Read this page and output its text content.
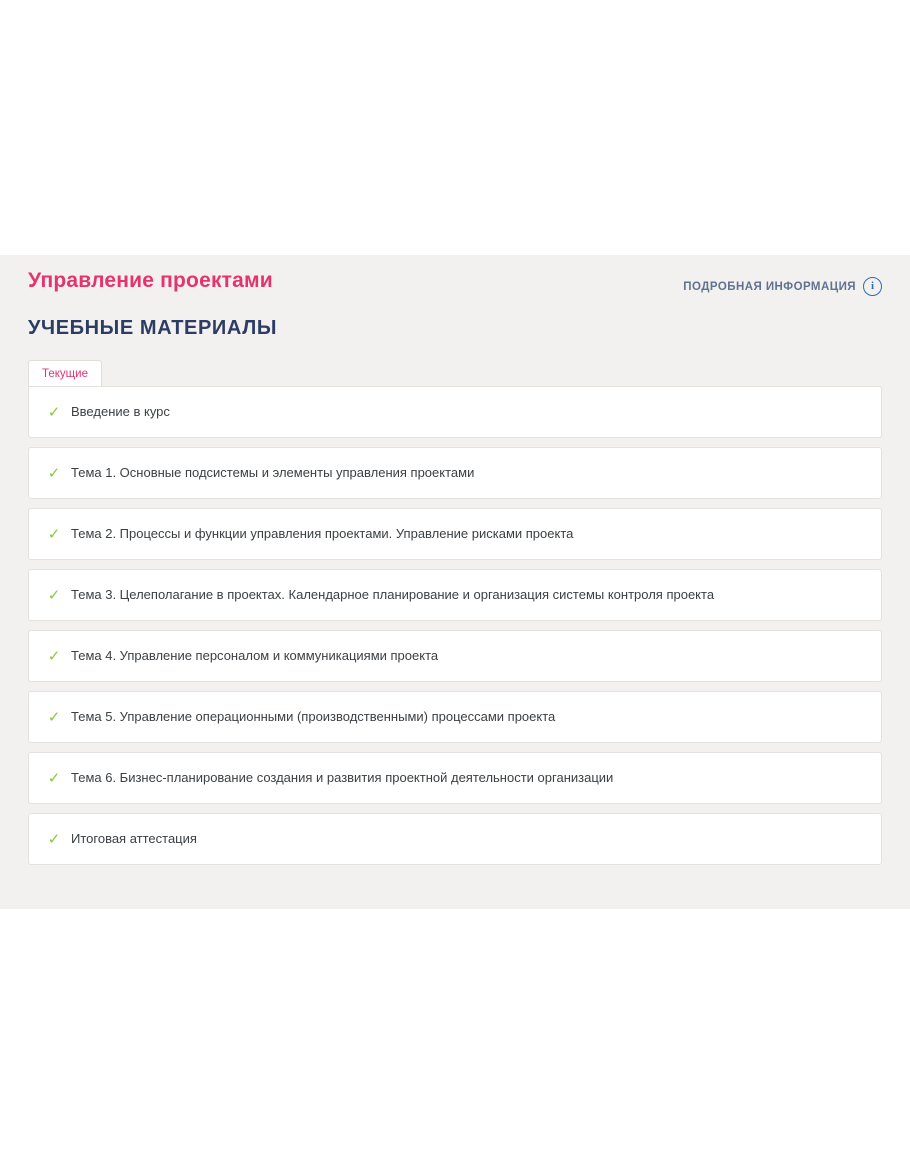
Управление проектами	ПОДРОБНАЯ ИНФОРМАЦИЯ	i
УЧЕБНЫЕ МАТЕРИАЛЫ
Текущие
✓ Введение в курс
✓ Тема 1. Основные подсистемы и элементы управления проектами
✓ Тема 2. Процессы и функции управления проектами. Управление рисками проекта
✓ Тема 3. Целеполагание в проектах. Календарное планирование и организация системы контроля проекта
✓ Тема 4. Управление персоналом и коммуникациями проекта
✓ Тема 5. Управление операционными (производственными) процессами проекта
✓ Тема 6. Бизнес-планирование создания и развития проектной деятельности организации
✓ Итоговая аттестация
